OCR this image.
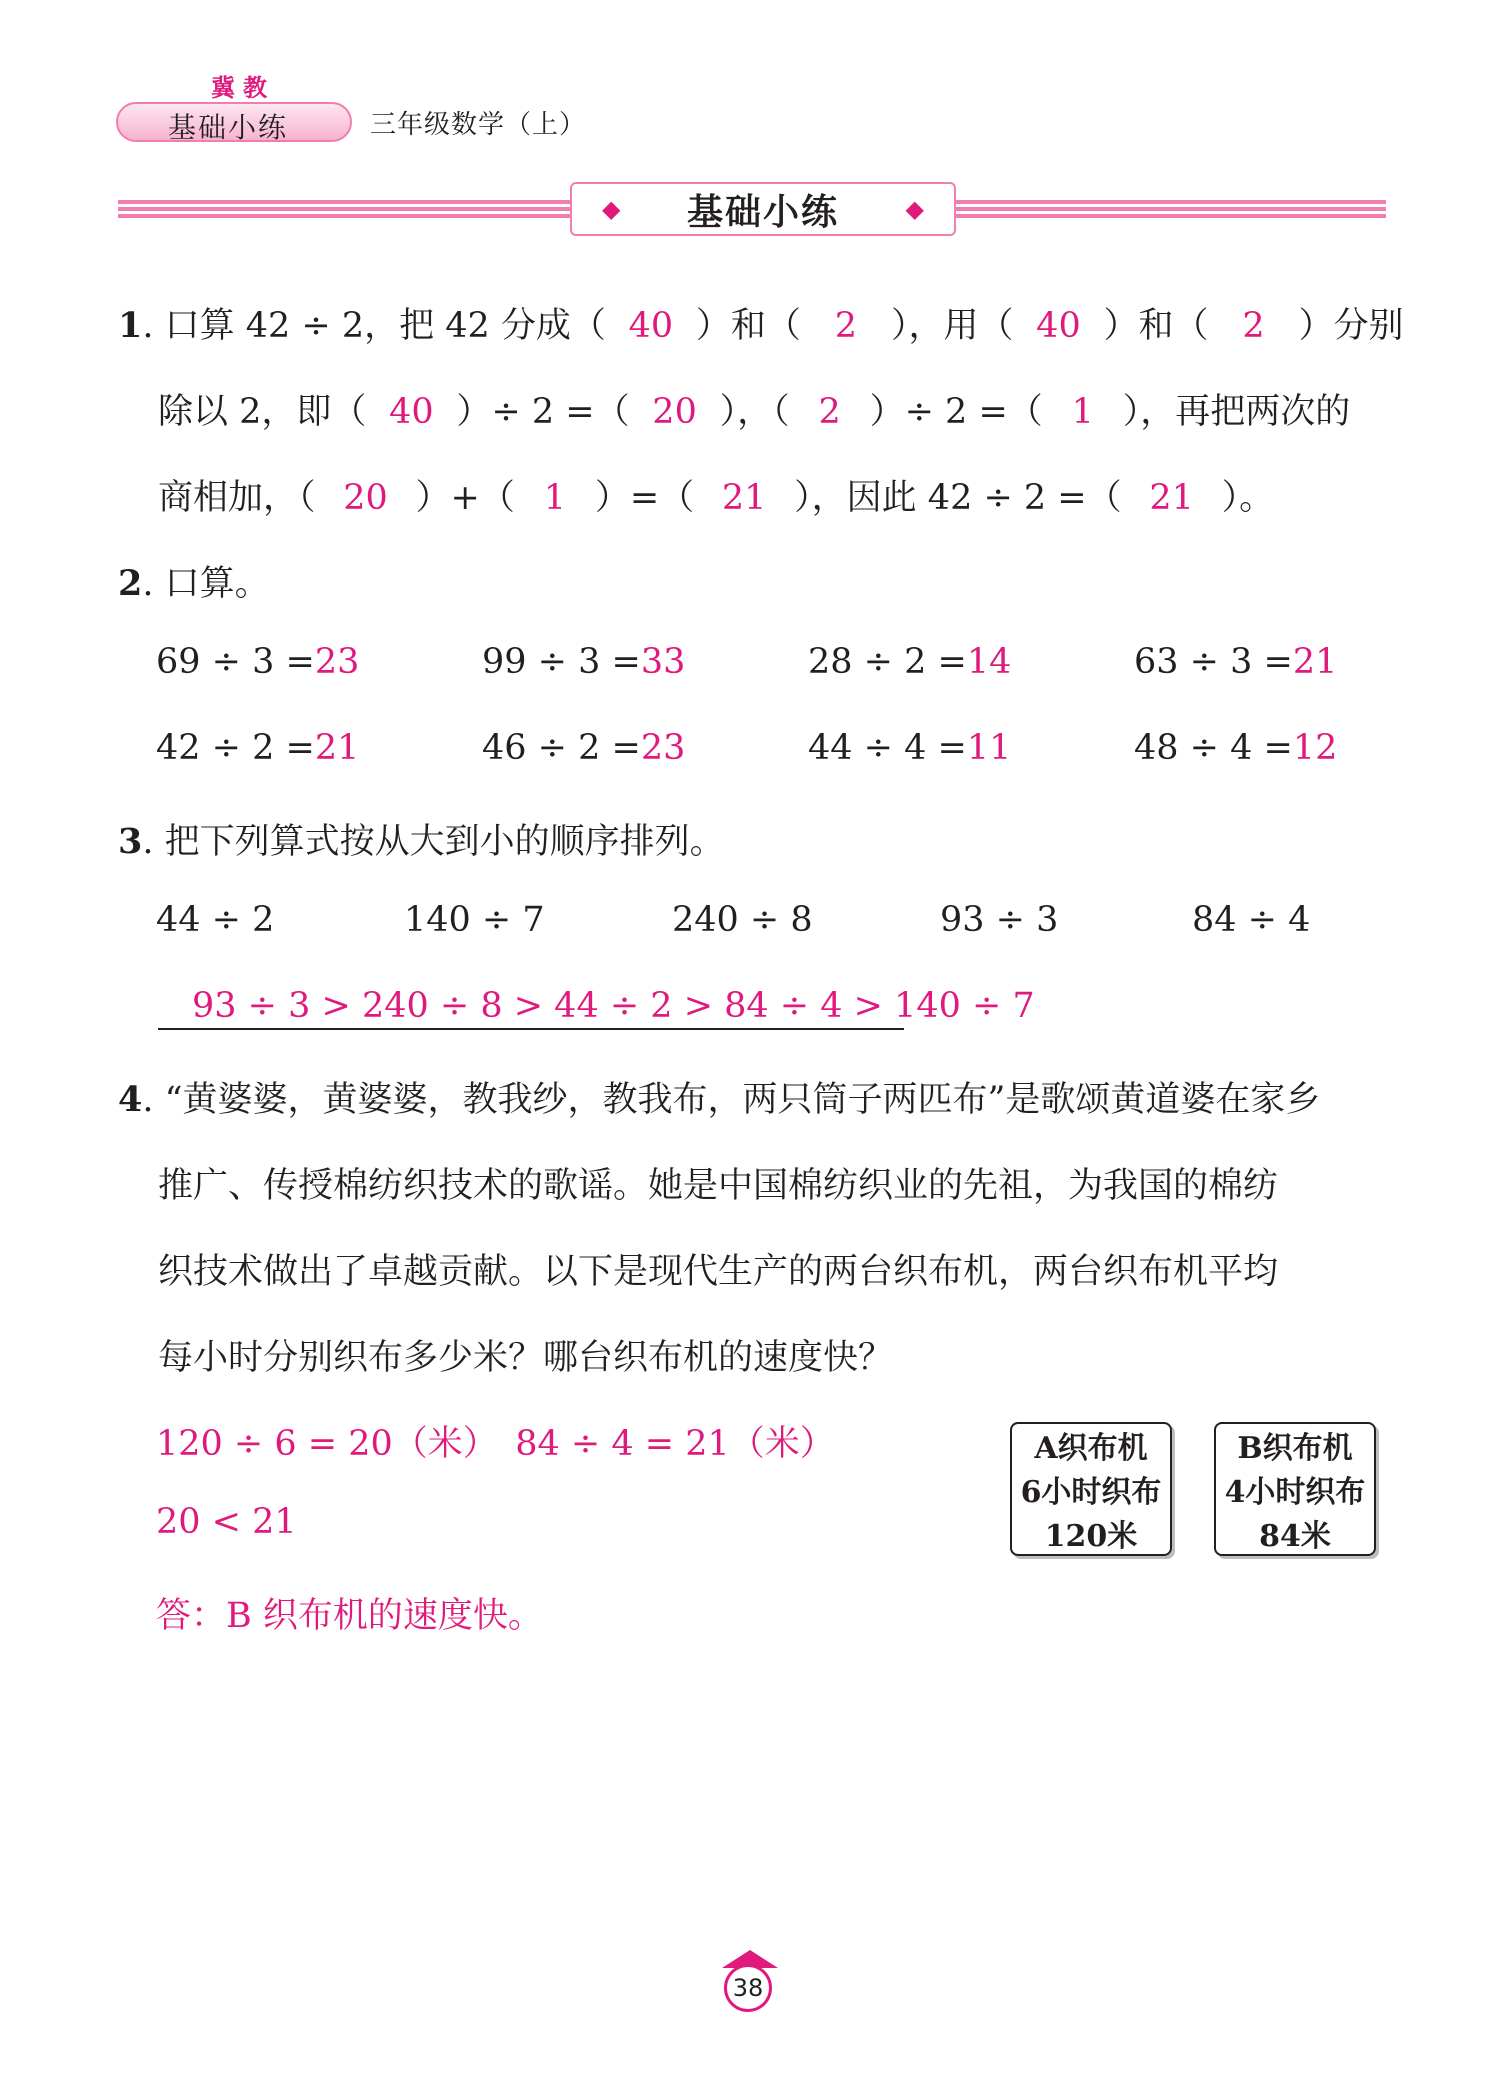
冀教
基础小练	三年级数学（上）
◆ 基础小练	◆
1. 口算 42 ÷ 2，把 42 分成（ 40 ）和（ 2 ），用（ 40 ）和（ 2 ）分别
除以 2，即（ 40 ）÷ 2 =（ 20 ），（ 2 ）÷ 2 =（ 1 ），再把两次的
商相加，（ 20 ）+（ 1 ）=（ 21 ），因此 42 ÷ 2 =（ 21 ）。
2. 口算。
69 ÷ 3 =23	99 ÷ 3 =33	28 ÷ 2 =14	63 ÷ 3 =21
42 ÷ 2 =21	46 ÷ 2 =23	44 ÷ 4 =11	48 ÷ 4 =12
3. 把下列算式按从大到小的顺序排列。
44 ÷ 2	140 ÷ 7	240 ÷ 8	93 ÷ 3	84 ÷ 4
93 ÷ 3 > 240 ÷ 8 > 44 ÷ 2 > 84 ÷ 4 > 140 ÷ 7
4. “黄婆婆，黄婆婆，教我纱，教我布，两只筒子两匹布”是歌颂黄道婆在家乡
推广、传授棉纺织技术的歌谣。她是中国棉纺织业的先祖，为我国的棉纺
织技术做出了卓越贡献。以下是现代生产的两台织布机，两台织布机平均
每小时分别织布多少米？哪台织布机的速度快？
120 ÷ 6 = 20（米）　84 ÷ 4 = 21（米）
20 < 21
答：B 织布机的速度快。
A织布机
6小时织布
120米
B织布机
4小时织布
84米
38
